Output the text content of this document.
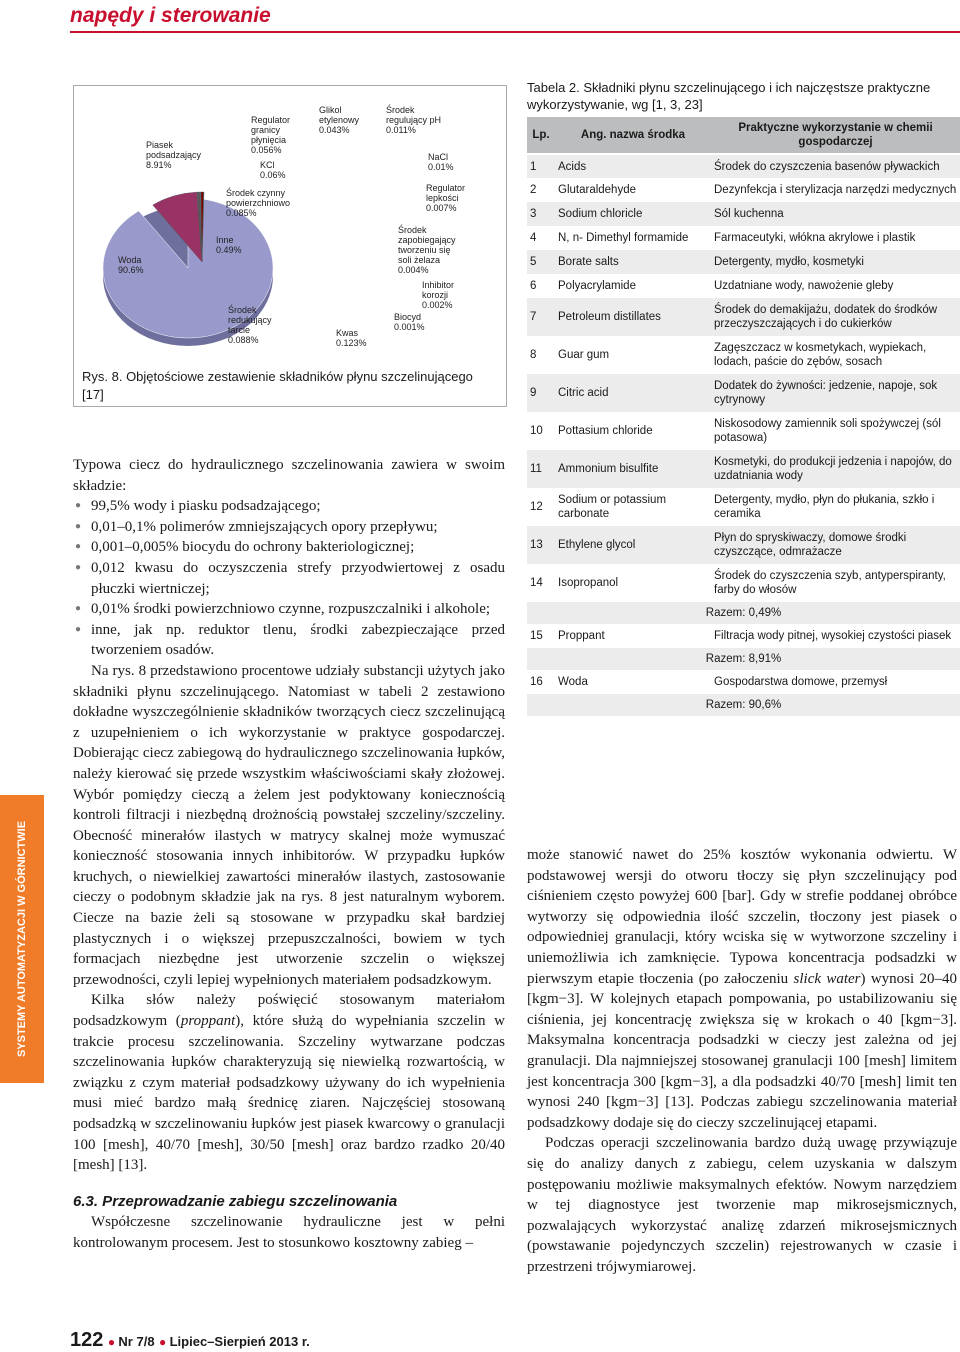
napędy i sterowanie
SYSTEMY AUTOMATYZACJI W GÓRNICTWIE
Woda 90.6%
Piasek podsadzający 8.91%	KCl 0.06%
Regulator granicy płynięcia 0.056%
Glikol etylenowy 0.043%
Środek regulujący pH 0.011%
NaCl 0.01%
Regulator lepkości 0.007%
Środek zapobiegający tworzeniu się soli żelaza 0.004%
Inhibitor korozji 0.002%
Biocyd 0.001%
Kwas 0.123%
Środek redukujący tarcie 0.088%
Inne 0.49%
Środek czynny powierzchniowo 0.085%
Rys. 8. Objętościowe zestawienie składników płynu szczelinującego [17]
Tabela 2. Składniki płynu szczelinującego i ich najczęstsze praktyczne wykorzystywanie, wg [1, 3, 23]
Lp.	Ang. nazwa środka	Praktyczne wykorzystanie w chemii gospodarczej
1	Acids	Środek do czyszczenia basenów pływackich
2	Glutaraldehyde	Dezynfekcja i sterylizacja narzędzi medycznych
3	Sodium chloricle	Sól kuchenna
4	N, n- Dimethyl formamide	Farmaceutyki, włókna akrylowe i plastik
5	Borate salts	Detergenty, mydło, kosmetyki
6	Polyacrylamide	Uzdatniane wody, nawożenie gleby
7	Petroleum distillates	Środek do demakijażu, dodatek do środków przeczyszczających i do cukierków
8	Guar gum	Zagęszczacz w kosmetykach, wypiekach, lodach, paście do zębów, sosach
9	Citric acid	Dodatek do żywności: jedzenie, napoje, sok cytrynowy
10	Pottasium chloride	Niskosodowy zamiennik soli spożywczej (sól potasowa)
11	Ammonium bisulfite	Kosmetyki, do produkcji jedzenia i napojów, do uzdatniania wody
12	Sodium or potassium carbonate	Detergenty, mydło, płyn do płukania, szkło i ceramika
13	Ethylene glycol	Płyn do spryskiwaczy, domowe środki czyszczące, odmrażacze
14	Isopropanol	Środek do czyszczenia szyb, antyperspiranty, farby do włosów
Razem: 0,49%		
15	Proppant	Filtracja wody pitnej, wysokiej czystości piasek
Razem: 8,91%		
16	Woda	Gospodarstwa domowe, przemysł
Razem: 90,6%		

Typowa ciecz do hydraulicznego szczelinowania zawiera w swoim składzie:

● 99,5% wody i piasku podsadzającego;
● 0,01–0,1% polimerów zmniejszających opory przepływu;
● 0,001–0,005% biocydu do ochrony bakteriologicznej;
● 0,012 kwasu do oczyszczenia strefy przyodwiertowej z osadu płuczki wiertniczej;
● 0,01% środki powierzchniowo czynne, rozpuszczalniki i alkohole;
● inne, jak np. reduktor tlenu, środki zabezpieczające przed tworzeniem osadów.

Na rys. 8 przedstawiono procentowe udziały substancji użytych jako składniki płynu szczelinującego. Natomiast w tabeli 2 zestawiono dokładne wyszczególnienie składników tworzących ciecz szczelinującą z uzupełnieniem o ich wykorzystanie w praktyce gospodarczej. Dobierając ciecz zabiegową do hydraulicznego szczelinowania łupków, należy kierować się przede wszystkim właściwościami skały złożowej. Wybór pomiędzy cieczą a żelem jest podyktowany koniecznością kontroli filtracji i niezbędną drożnością powstałej szczeliny/szczeliny. Obecność minerałów ilastych w matrycy skalnej może wymuszać konieczność stosowania innych inhibitorów. W przypadku łupków kruchych, o niewielkiej zawartości minerałów ilastych, zastosowanie cieczy o podobnym składzie jak na rys. 8 jest naturalnym wyborem. Ciecze na bazie żeli są stosowane w przypadku skał bardziej plastycznych i o większej przepuszczalności, bowiem w tych formacjach niezbędne jest utworzenie szczelin o większej przewodności, czyli lepiej wypełnionych materiałem podsadzkowym.

Kilka słów należy poświęcić stosowanym materiałom podsadzkowym (proppant), które służą do wypełniania szczelin w trakcie procesu szczelinowania. Szczeliny wytwarzane podczas szczelinowania łupków charakteryzują się niewielką rozwartością, w związku z czym materiał podsadzkowy używany do ich wypełnienia musi mieć bardzo małą średnicę ziaren. Najczęściej stosowaną podsadzką w szczelinowaniu łupków jest piasek kwarcowy o granulacji 100 [mesh], 40/70 [mesh], 30/50 [mesh] oraz bardzo rzadko 20/40 [mesh] [13].

6.3. Przeprowadzanie zabiegu szczelinowania

Współczesne szczelinowanie hydrauliczne jest w pełni kontrolowanym procesem. Jest to stosunkowo kosztowny zabieg –

może stanowić nawet do 25% kosztów wykonania odwiertu. W podstawowej wersji do otworu tłoczy się płyn szczelinujący pod ciśnieniem często powyżej 600 [bar]. Gdy w strefie poddanej obróbce wytworzy się odpowiednia ilość szczelin, tłoczony jest piasek o odpowiedniej granulacji, który wciska się w wytworzone szczeliny i uniemożliwia ich zamknięcie. Typowa koncentracja podsadzki w pierwszym etapie tłoczenia (po załoczeniu slick water) wynosi 20–40 [kgm−3]. W kolejnych etapach pompowania, po ustabilizowaniu się ciśnienia, jej koncentrację zwiększa się w krokach o 40 [kgm−3]. Maksymalna koncentracja podsadzki w cieczy jest zależna od jej granulacji. Dla najmniejszej stosowanej granulacji 100 [mesh] limitem jest koncentracja 300 [kgm−3], a dla podsadzki 40/70 [mesh] limit ten wynosi 240 [kgm−3] [13]. Podczas zabiegu szczelinowania materiał podsadzkowy dodaje się do cieczy szczelinującej etapami.

Podczas operacji szczelinowania bardzo dużą uwagę przywiązuje się do analizy danych z zabiegu, celem uzyskania w dalszym postępowaniu możliwie maksymalnych efektów. Nowym narzędziem w tej diagnostyce jest tworzenie map mikrosejsmicznych, pozwalających wykorzystać analizę zdarzeń mikrosejsmicznych (powstawanie pojedynczych szczelin) rejestrowanych w czasie i przestrzeni trójwymiarowej.

122 ● Nr 7/8 ● Lipiec–Sierpień 2013 r.
